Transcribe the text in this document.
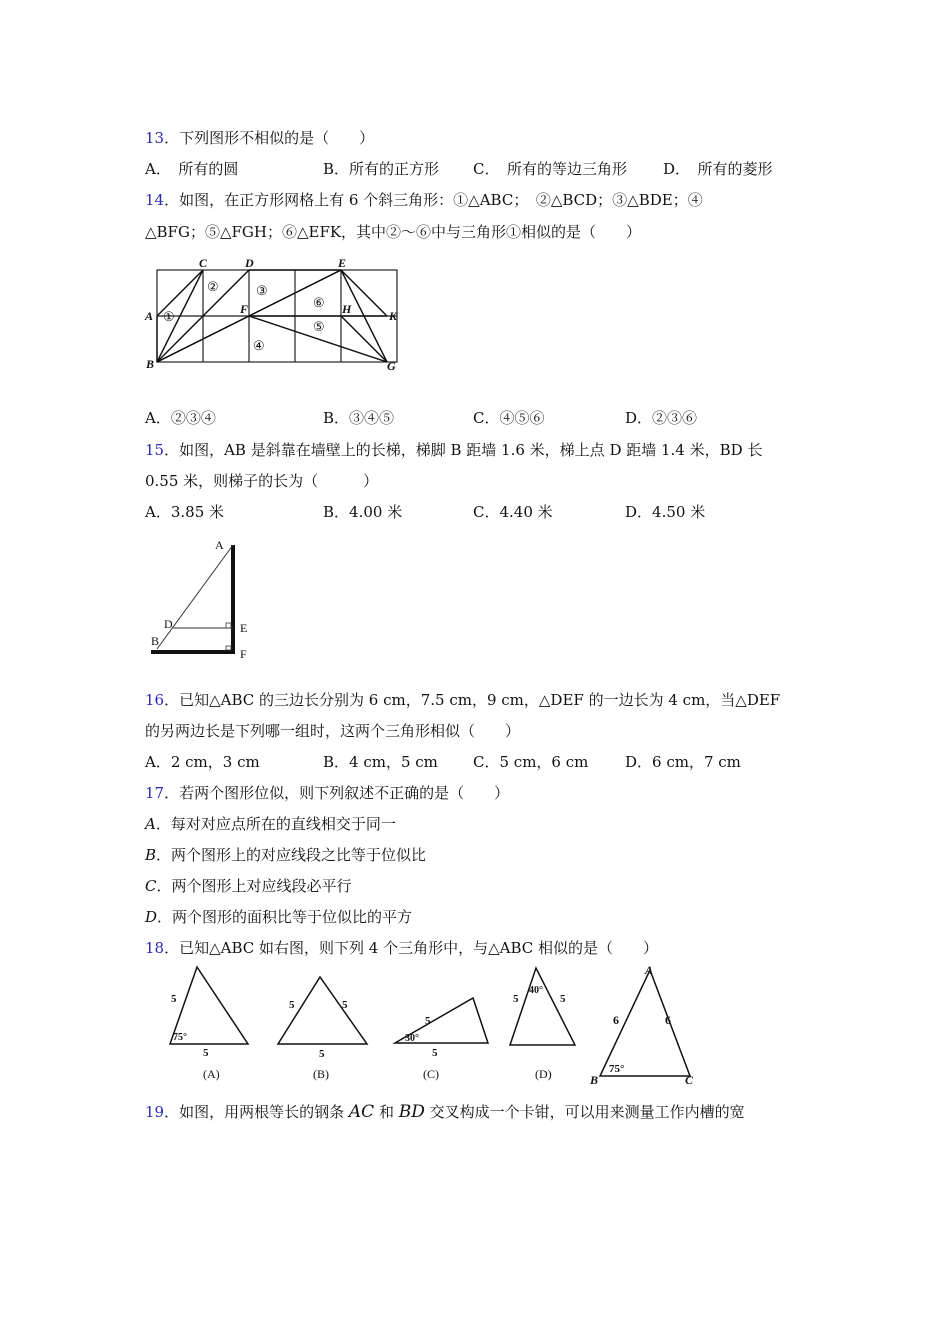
13．下列图形不相似的是（　　）
A．　所有的圆	B．所有的正方形 C．　所有的等边三角形 D．　所有的菱形
14．如图，在正方形网格上有 6 个斜三角形：①△ABC；　②△BCD；③△BDE；④
△BFG；⑤△FGH；⑥△EFK，其中②～⑥中与三角形①相似的是（　　）
A
B
C	D	E
F
G
H	K
①
②	③
④
⑤
⑥
A．②③④	B．③④⑤	C．④⑤⑥	D．②③⑥
15．如图，AB 是斜靠在墙壁上的长梯，梯脚 B 距墙 1.6 米，梯上点 D 距墙 1.4 米，BD 长
0.55 米，则梯子的长为（　　　）
A．3.85 米	B．4.00 米	C．4.40 米	D．4.50 米
A
D
B
E
F
16．已知△ABC 的三边长分别为 6 cm，7.5 cm，9 cm，△DEF 的一边长为 4 cm，当△DEF
的另两边长是下列哪一组时，这两个三角形相似（　　）
A．2 cm，3 cm	B．4 cm，5 cm C．5 cm，6 cm D．6 cm，7 cm
17．若两个图形位似，则下列叙述不正确的是（　　）
A．每对对应点所在的直线相交于同一
B．两个图形上的对应线段之比等于位似比
C．两个图形上对应线段必平行
D．两个图形的面积比等于位似比的平方
18．已知△ABC 如右图，则下列 4 个三角形中，与△ABC 相似的是（　　）
5
5
75°
(A)
5	5
5
(B)
5
5
30°
(C)
5	5
40°
(D)
A
B	C
6	6
75°
19．如图，用两根等长的钢条 AC 和 BD 交叉构成一个卡钳，可以用来测量工作内槽的宽
